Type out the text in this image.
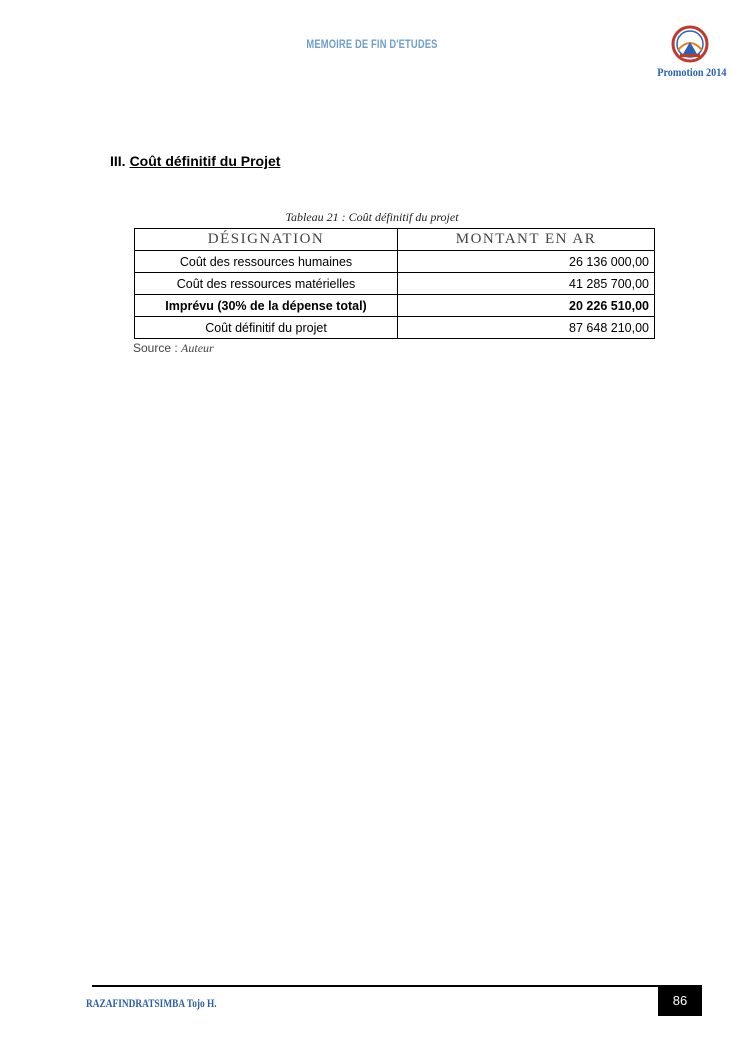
MEMOIRE DE FIN D'ETUDES
Promotion 2014
III. Coût définitif du Projet
Tableau 21 : Coût définitif du projet
DÉSIGNATION	MONTANT EN AR
Coût des ressources humaines	26 136 000,00
Coût des ressources matérielles	41 285 700,00
Imprévu (30% de la dépense total)	20 226 510,00
Coût définitif du projet	87 648 210,00
Source : Auteur
RAZAFINDRATSIMBA Tojo H.	86
